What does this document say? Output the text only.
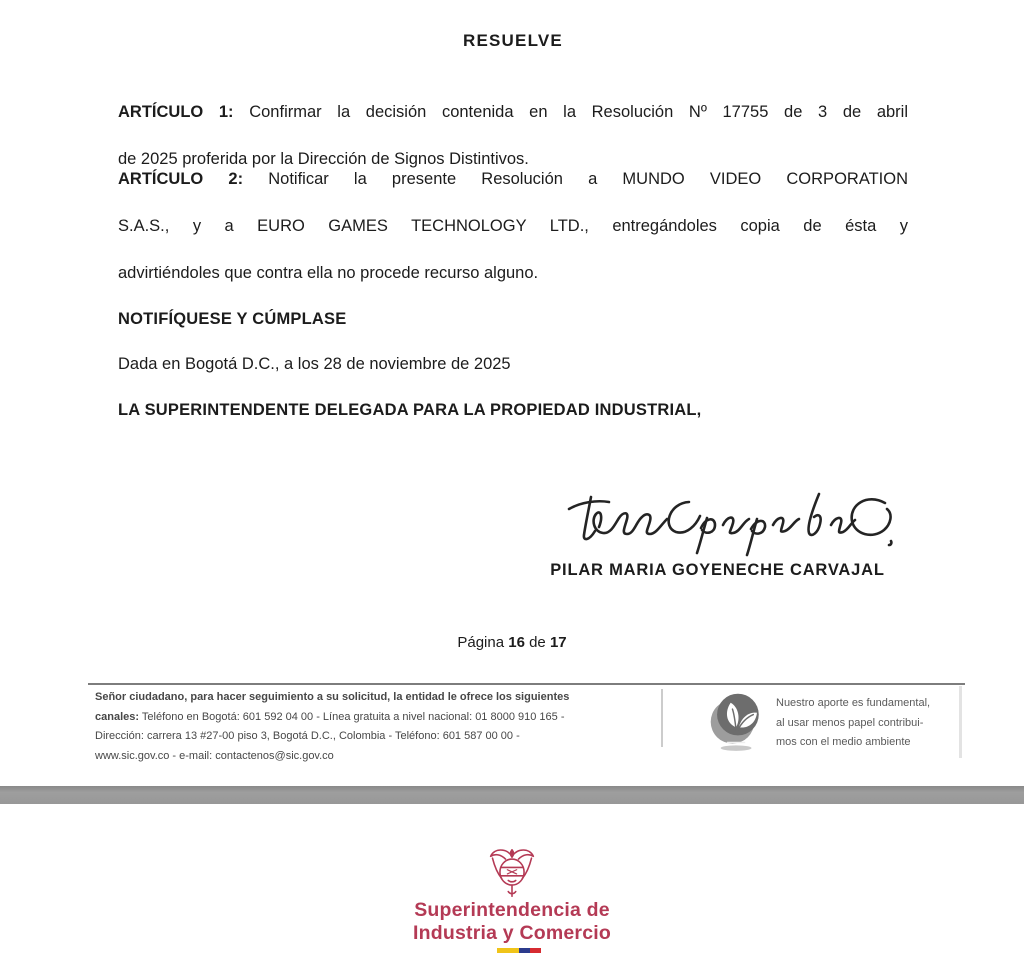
RESUELVE
ARTÍCULO 1: Confirmar la decisión contenida en la Resolución Nº 17755 de 3 de abril
de 2025 proferida por la Dirección de Signos Distintivos.
ARTÍCULO 2: Notificar la presente Resolución a MUNDO VIDEO CORPORATION
S.A.S., y a EURO GAMES TECHNOLOGY LTD., entregándoles copia de ésta y
advirtiéndoles que contra ella no procede recurso alguno.
NOTIFÍQUESE Y CÚMPLASE
Dada en Bogotá D.C., a los 28 de noviembre de 2025
LA SUPERINTENDENTE DELEGADA PARA LA PROPIEDAD INDUSTRIAL,
PILAR MARIA GOYENECHE CARVAJAL
Página 16 de 17
Señor ciudadano, para hacer seguimiento a su solicitud, la entidad le ofrece los siguientes
canales: Teléfono en Bogotá: 601 592 04 00 - Línea gratuita a nivel nacional: 01 8000 910 165 -
Dirección: carrera 13 #27-00 piso 3, Bogotá D.C., Colombia - Teléfono: 601 587 00 00 -
www.sic.gov.co - e-mail: contactenos@sic.gov.co
Nuestro aporte es fundamental,
al usar menos papel contribui-
mos con el medio ambiente
Superintendencia de
Industria y Comercio
